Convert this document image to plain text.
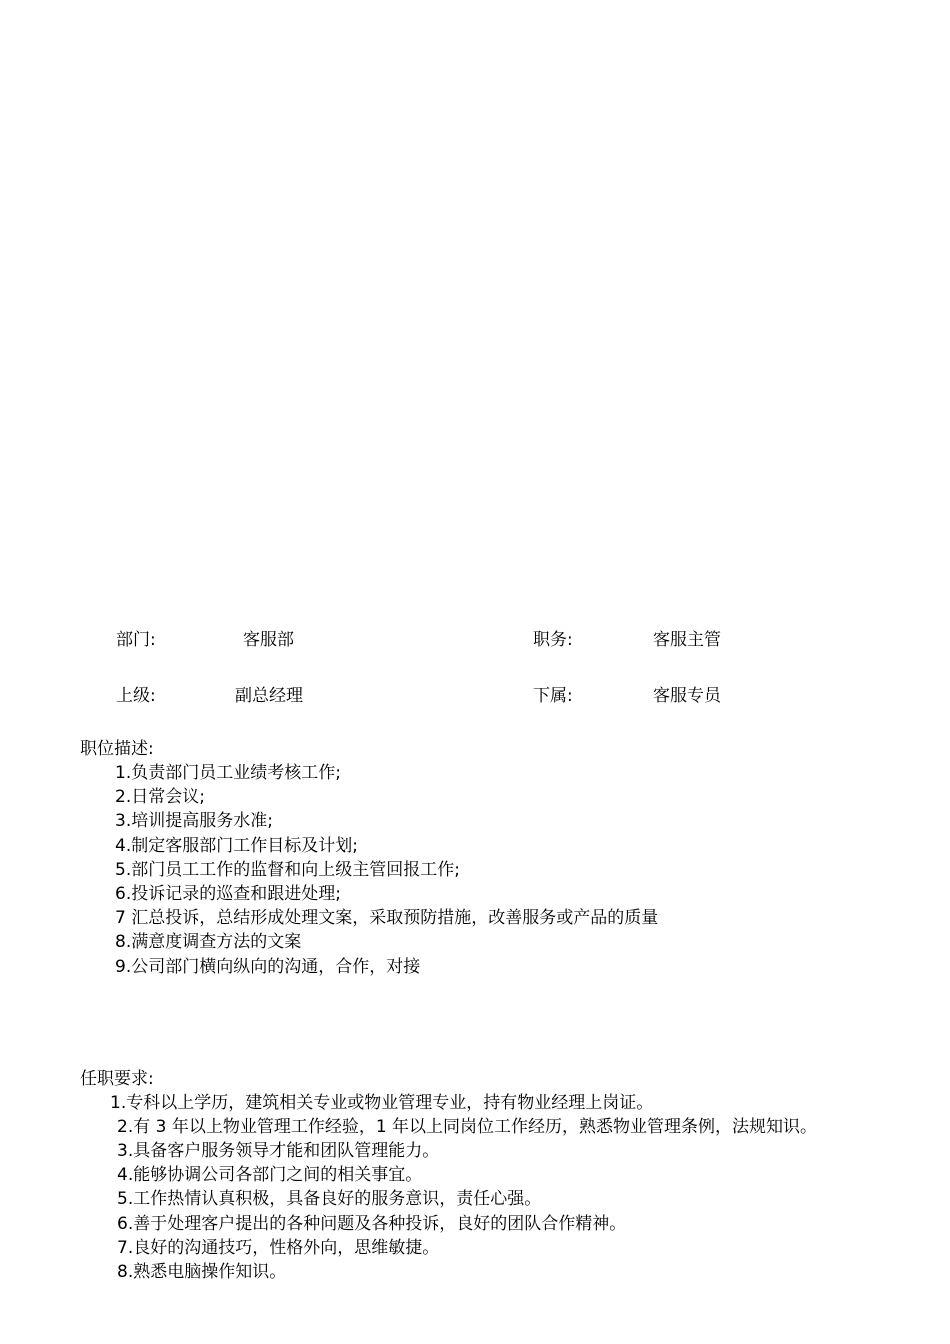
部门:	客服部	职务:	客服主管
上级:	副总经理	下属:	客服专员
职位描述:
1.负责部门员工业绩考核工作;
2.日常会议;
3.培训提高服务水准;
4.制定客服部门工作目标及计划;
5.部门员工工作的监督和向上级主管回报工作;
6.投诉记录的巡查和跟进处理;
7 汇总投诉，总结形成处理文案，采取预防措施，改善服务或产品的质量
8.满意度调查方法的文案
9.公司部门横向纵向的沟通，合作，对接
任职要求:
1.专科以上学历，建筑相关专业或物业管理专业，持有物业经理上岗证。
2.有 3 年以上物业管理工作经验，1 年以上同岗位工作经历，熟悉物业管理条例，法规知识。
3.具备客户服务领导才能和团队管理能力。
4.能够协调公司各部门之间的相关事宜。
5.工作热情认真积极，具备良好的服务意识，责任心强。
6.善于处理客户提出的各种问题及各种投诉，良好的团队合作精神。
7.良好的沟通技巧，性格外向，思维敏捷。
8.熟悉电脑操作知识。
